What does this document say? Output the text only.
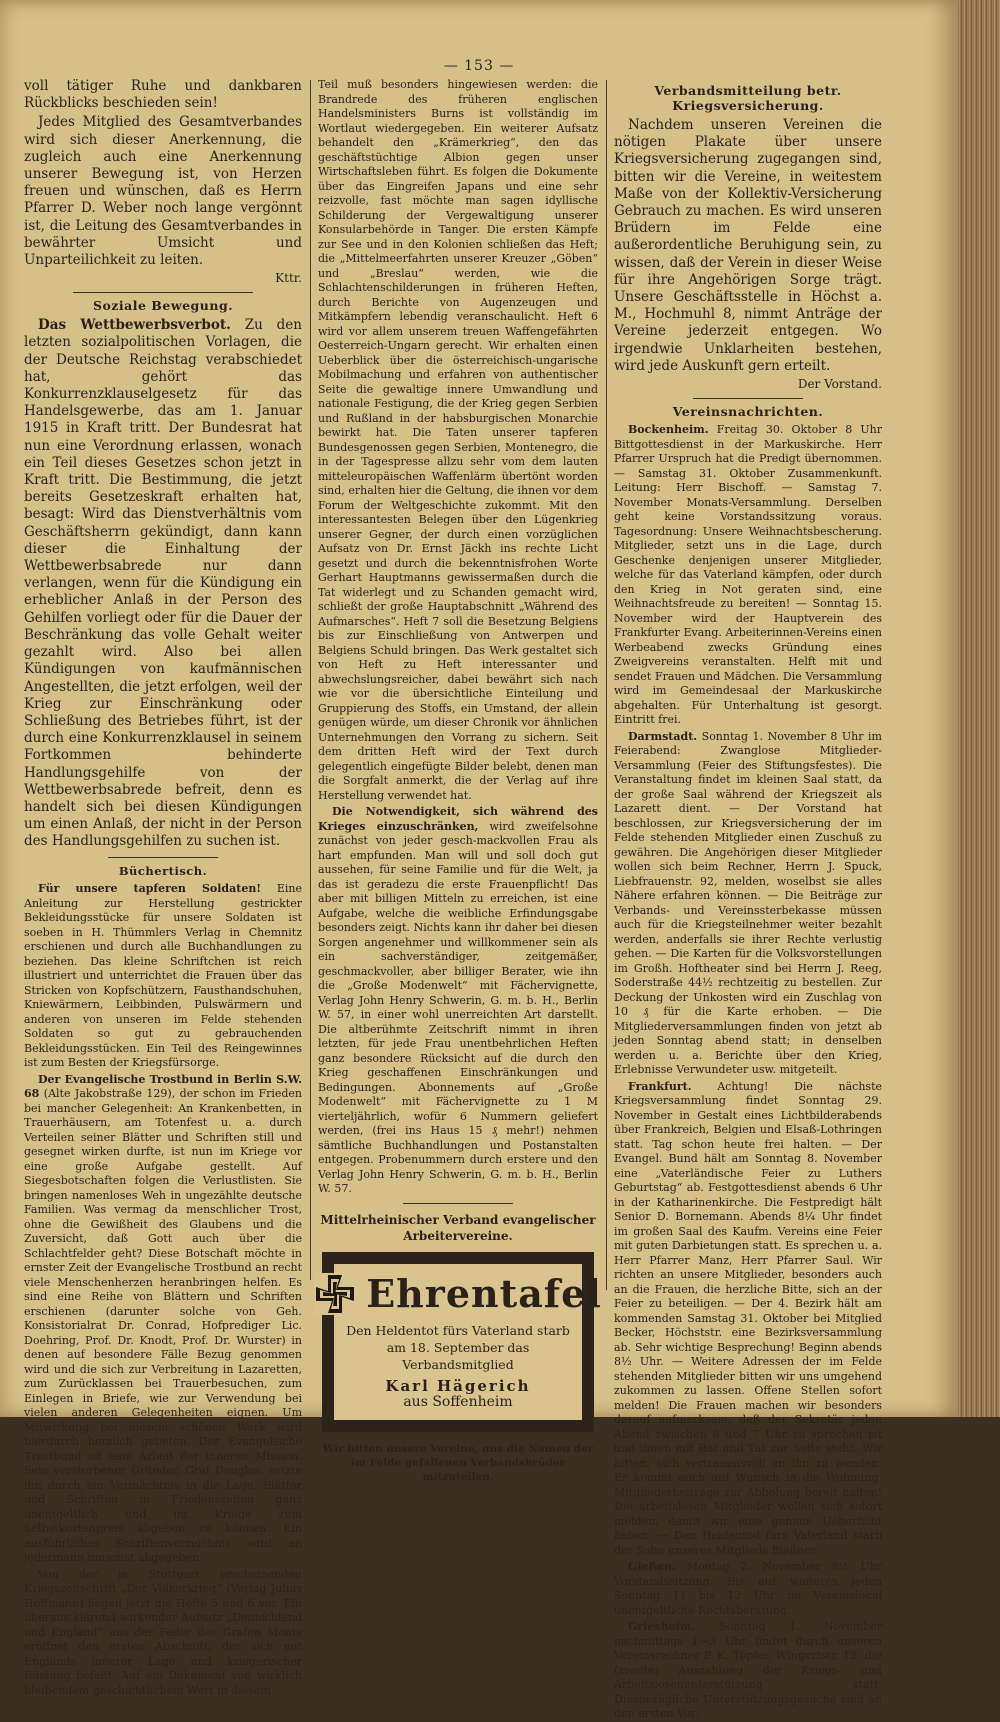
— 153 —

voll tätiger Ruhe und dankbaren Rückblicks beschieden sein!

Jedes Mitglied des Gesamtverbandes wird sich dieser Anerkennung, die zugleich auch eine Anerkennung unserer Bewegung ist, von Herzen freuen und wünschen, daß es Herrn Pfarrer D. Weber noch lange vergönnt ist, die Leitung des Gesamtverbandes in bewährter Umsicht und Unparteilichkeit zu leiten.

Kttr.
Soziale Bewegung.

Das Wettbewerbsverbot. Zu den letzten sozialpolitischen Vorlagen, die der Deutsche Reichstag verabschiedet hat, gehört das Konkurrenzklauselgesetz für das Handelsgewerbe, das am 1. Januar 1915 in Kraft tritt. Der Bundesrat hat nun eine Verordnung erlassen, wonach ein Teil dieses Gesetzes schon jetzt in Kraft tritt. Die Bestimmung, die jetzt bereits Gesetzeskraft erhalten hat, besagt: Wird das Dienstverhältnis vom Geschäftsherrn gekündigt, dann kann dieser die Einhaltung der Wettbewerbsabrede nur dann verlangen, wenn für die Kündigung ein erheblicher Anlaß in der Person des Gehilfen vorliegt oder für die Dauer der Beschränkung das volle Gehalt weiter gezahlt wird. Also bei allen Kündigungen von kaufmännischen Angestellten, die jetzt erfolgen, weil der Krieg zur Einschränkung oder Schließung des Betriebes führt, ist der durch eine Konkurrenzklausel in seinem Fortkommen behinderte Handlungsgehilfe von der Wettbewerbsabrede befreit, denn es handelt sich bei diesen Kündigungen um einen Anlaß, der nicht in der Person des Handlungsgehilfen zu suchen ist.

Büchertisch.

Für unsere tapferen Soldaten! Eine Anleitung zur Herstellung gestrickter Bekleidungsstücke für unsere Soldaten ist soeben in H. Thümmlers Verlag in Chemnitz erschienen und durch alle Buchhandlungen zu beziehen. Das kleine Schriftchen ist reich illustriert und unterrichtet die Frauen über das Stricken von Kopfschützern, Fausthandschuhen, Kniewärmern, Leibbinden, Pulswärmern und anderen von unseren im Felde stehenden Soldaten so gut zu gebrauchenden Bekleidungsstücken. Ein Teil des Reingewinnes ist zum Besten der Kriegsfürsorge.

Der Evangelische Trostbund in Berlin S.W. 68 (Alte Jakobstraße 129), der schon im Frieden bei mancher Gelegenheit: An Krankenbetten, in Trauerhäusern, am Totenfest u. a. durch Verteilen seiner Blätter und Schriften still und gesegnet wirken durfte, ist nun im Kriege vor eine große Aufgabe gestellt. Auf Siegesbotschaften folgen die Verlustlisten. Sie bringen namenloses Weh in ungezählte deutsche Familien. Was vermag da menschlicher Trost, ohne die Gewißheit des Glaubens und die Zuversicht, daß Gott auch über die Schlachtfelder geht? Diese Botschaft möchte in ernster Zeit der Evangelische Trostbund an recht viele Menschenherzen heranbringen helfen. Es sind eine Reihe von Blättern und Schriften erschienen (darunter solche von Geh. Konsistorialrat Dr. Conrad, Hofprediger Lic. Doehring, Prof. Dr. Knodt, Prof. Dr. Wurster) in denen auf besondere Fälle Bezug genommen wird und die sich zur Verbreitung in Lazaretten, zum Zurücklassen bei Trauerbesuchen, zum Einlegen in Briefe, wie zur Verwendung bei vielen anderen Gelegenheiten eignen. Um Mitwirkung bei diesem schönen Werk wird hierdurch herzlich gebeten. Der Evangelische Trostbund ist eine Arbeit der inneren Mission. Sein verstorbener Gründer, Graf Douglas, setzte ihn durch ein Vermächtnis in die Lage, Blätter und Schriften in Friedenszeiten ganz unentgeltlich und im Kriege zum Selbstkostenpreis abgeben zu können. Ein ausführliches Schriftenverzeichnis wird an jedermann umsonst abgegeben.

Von der in Stuttgart erscheinenden Kriegszeitschrift „Der Völkerkrieg“ (Verlag Julius Hoffmann) liegen jetzt die Hefte 5 und 6 vor. Ein überaus klärend wirkender Aufsatz „Deutschland und England“ aus der Feder des Grafen Monts eröffnet den ersten Abschnitt, der sich mit Englands innerer Lage und kriegerischer Rüstung befaßt. Auf ein Dokument von wirklich bleibendem geschichtlichem Wert in diesem

Teil muß besonders hingewiesen werden: die Brandrede des früheren englischen Handelsministers Burns ist vollständig im Wortlaut wiedergegeben. Ein weiterer Aufsatz behandelt den „Krämerkrieg“, den das geschäftstüchtige Albion gegen unser Wirtschaftsleben führt. Es folgen die Dokumente über das Eingreifen Japans und eine sehr reizvolle, fast möchte man sagen idyllische Schilderung der Vergewaltigung unserer Konsularbehörde in Tanger. Die ersten Kämpfe zur See und in den Kolonien schließen das Heft; die „Mittelmeerfahrten unserer Kreuzer „Göben“ und „Breslau“ werden, wie die Schlachtenschilderungen in früheren Heften, durch Berichte von Augenzeugen und Mitkämpfern lebendig veranschaulicht. Heft 6 wird vor allem unserem treuen Waffengefährten Oesterreich-Ungarn gerecht. Wir erhalten einen Ueberblick über die österreichisch-ungarische Mobilmachung und erfahren von authentischer Seite die gewaltige innere Umwandlung und nationale Festigung, die der Krieg gegen Serbien und Rußland in der habsburgischen Monarchie bewirkt hat. Die Taten unserer tapferen Bundesgenossen gegen Serbien, Montenegro, die in der Tagespresse allzu sehr vom dem lauten mitteleuropäischen Waffenlärm übertönt worden sind, erhalten hier die Geltung, die ihnen vor dem Forum der Weltgeschichte zukommt. Mit den interessantesten Belegen über den Lügenkrieg unserer Gegner, der durch einen vorzüglichen Aufsatz von Dr. Ernst Jäckh ins rechte Licht gesetzt und durch die bekenntnisfrohen Worte Gerhart Hauptmanns gewissermaßen durch die Tat widerlegt und zu Schanden gemacht wird, schließt der große Hauptabschnitt „Während des Aufmarsches“. Heft 7 soll die Besetzung Belgiens bis zur Einschließung von Antwerpen und Belgiens Schuld bringen. Das Werk gestaltet sich von Heft zu Heft interessanter und abwechslungsreicher, dabei bewährt sich nach wie vor die übersichtliche Einteilung und Gruppierung des Stoffs, ein Umstand, der allein genügen würde, um dieser Chronik vor ähnlichen Unternehmungen den Vorrang zu sichern. Seit dem dritten Heft wird der Text durch gelegentlich eingefügte Bilder belebt, denen man die Sorgfalt anmerkt, die der Verlag auf ihre Herstellung verwendet hat.

Die Notwendigkeit, sich während des Krieges einzuschränken, wird zweifelsohne zunächst von jeder gesch-mackvollen Frau als hart empfunden. Man will und soll doch gut aussehen, für seine Familie und für die Welt, ja das ist geradezu die erste Frauenpflicht! Das aber mit billigen Mitteln zu erreichen, ist eine Aufgabe, welche die weibliche Erfindungsgabe besonders zeigt. Nichts kann ihr daher bei diesen Sorgen angenehmer und willkommener sein als ein sachverständiger, zeitgemäßer, geschmackvoller, aber billiger Berater, wie ihn die „Große Modenwelt“ mit Fächervignette, Verlag John Henry Schwerin, G. m. b. H., Berlin W. 57, in einer wohl unerreichten Art darstellt. Die altberühmte Zeitschrift nimmt in ihren letzten, für jede Frau unentbehrlichen Heften ganz besondere Rücksicht auf die durch den Krieg geschaffenen Einschränkungen und Bedingungen. Abonnements auf „Große Modenwelt“ mit Fächervignette zu 1 M vierteljährlich, wofür 6 Nummern geliefert werden, (frei ins Haus 15 ₰ mehr!) nehmen sämtliche Buchhandlungen und Postanstalten entgegen. Probenummern durch erstere und den Verlag John Henry Schwerin, G. m. b. H., Berlin W. 57.

Mittelrheinischer Verband evangelischer Arbeitervereine.
Ehrentafel
Den Heldentot fürs Vaterland starb am 18. September das Verbandsmitglied
Karl Hägerich
aus Soffenheim
Wir bitten unsere Vereine, uns die Namen der im Felde gefallenen Verbandsbrüder mitzuteilen.
Verbandsmitteilung betr. Kriegsversicherung.

Nachdem unseren Vereinen die nötigen Plakate über unsere Kriegsversicherung zugegangen sind, bitten wir die Vereine, in weitestem Maße von der Kollektiv-Versicherung Gebrauch zu machen. Es wird unseren Brüdern im Felde eine außerordentliche Beruhigung sein, zu wissen, daß der Verein in dieser Weise für ihre Angehörigen Sorge trägt. Unsere Geschäftsstelle in Höchst a. M., Hochmuhl 8, nimmt Anträge der Vereine jederzeit entgegen. Wo irgendwie Unklarheiten bestehen, wird jede Auskunft gern erteilt.

Der Vorstand.
Vereinsnachrichten.

Bockenheim. Freitag 30. Oktober 8 Uhr Bittgottesdienst in der Markuskirche. Herr Pfarrer Urspruch hat die Predigt übernommen. — Samstag 31. Oktober Zusammenkunft. Leitung: Herr Bischoff. — Samstag 7. November Monats-Versammlung. Derselben geht keine Vorstandssitzung voraus. Tagesordnung: Unsere Weihnachtsbescherung. Mitglieder, setzt uns in die Lage, durch Geschenke denjenigen unserer Mitglieder, welche für das Vaterland kämpfen, oder durch den Krieg in Not geraten sind, eine Weihnachtsfreude zu bereiten! — Sonntag 15. November wird der Hauptverein des Frankfurter Evang. Arbeiterinnen-Vereins einen Werbeabend zwecks Gründung eines Zweigvereins veranstalten. Helft mit und sendet Frauen und Mädchen. Die Versammlung wird im Gemeindesaal der Markuskirche abgehalten. Für Unterhaltung ist gesorgt. Eintritt frei.

Darmstadt. Sonntag 1. November 8 Uhr im Feierabend: Zwanglose Mitglieder-Versammlung (Feier des Stiftungsfestes). Die Veranstaltung findet im kleinen Saal statt, da der große Saal während der Kriegszeit als Lazarett dient. — Der Vorstand hat beschlossen, zur Kriegsversicherung der im Felde stehenden Mitglieder einen Zuschuß zu gewähren. Die Angehörigen dieser Mitglieder wollen sich beim Rechner, Herrn J. Spuck, Liebfrauenstr. 92, melden, woselbst sie alles Nähere erfahren können. — Die Beiträge zur Verbands- und Vereinssterbekasse müssen auch für die Kriegsteilnehmer weiter bezahlt werden, anderfalls sie ihrer Rechte verlustig gehen. — Die Karten für die Volksvorstellungen im Großh. Hoftheater sind bei Herrn J. Reeg, Soderstraße 44½ rechtzeitig zu bestellen. Zur Deckung der Unkosten wird ein Zuschlag von 10 ₰ für die Karte erhoben. — Die Mitgliederversammlungen finden von jetzt ab jeden Sonntag abend statt; in denselben werden u. a. Berichte über den Krieg, Erlebnisse Verwundeter usw. mitgeteilt.

Frankfurt. Achtung! Die nächste Kriegsversammlung findet Sonntag 29. November in Gestalt eines Lichtbilderabends über Frankreich, Belgien und Elsaß-Lothringen statt. Tag schon heute frei halten. — Der Evangel. Bund hält am Sonntag 8. November eine „Vaterländische Feier zu Luthers Geburtstag“ ab. Festgottesdienst abends 6 Uhr in der Katharinenkirche. Die Festpredigt hält Senior D. Bornemann. Abends 8¼ Uhr findet im großen Saal des Kaufm. Vereins eine Feier mit guten Darbietungen statt. Es sprechen u. a. Herr Pfarrer Manz, Herr Pfarrer Saul. Wir richten an unsere Mitglieder, besonders auch an die Frauen, die herzliche Bitte, sich an der Feier zu beteiligen. — Der 4. Bezirk hält am kommenden Samstag 31. Oktober bei Mitglied Becker, Höchststr. eine Bezirksversammlung ab. Sehr wichtige Besprechung! Beginn abends 8½ Uhr. — Weitere Adressen der im Felde stehenden Mitglieder bitten wir uns umgehend zukommen zu lassen. Offene Stellen sofort melden! Die Frauen machen wir besonders darauf aufmerksam, daß der Sekretär jeden Abend zwischen 6 und 7 Uhr zu sprechen ist und ihnen mit Rat und Tat zur Seite steht. Wir bitten, sich vertrauensvoll an ihn zu wenden. Er kommt auch auf Wunsch in die Wohnung. Mitgliederbeiträge zur Abholung bereit halten! Die arbeitslosen Mitglieder wollen sich sofort melden, damit wir eine genaue Ueberficht haben. — Den Heldentod fürs Vaterland starb der Sohn unseres Mitglieds Bießner.

Gießen. Montag 2. November 8½ Uhr Vorstandssitzung. Bis auf weiteres jeden Sonntag 11 bis 12 Uhr im Vereinslokal unentgeltliche Rechtsberatung.

Griesheim. Sonntag 1. November nachmittags 1—3 Uhr findet durch unseren Vereinsrechner P. K. Töpfer, Wingertstr. 12, die (zweite) Auszahlung der Kriegs- und Arbeitslosenunterstützung statt. Diesbezügliche Unterstützungsgesuche sind an den ersten Vor-
